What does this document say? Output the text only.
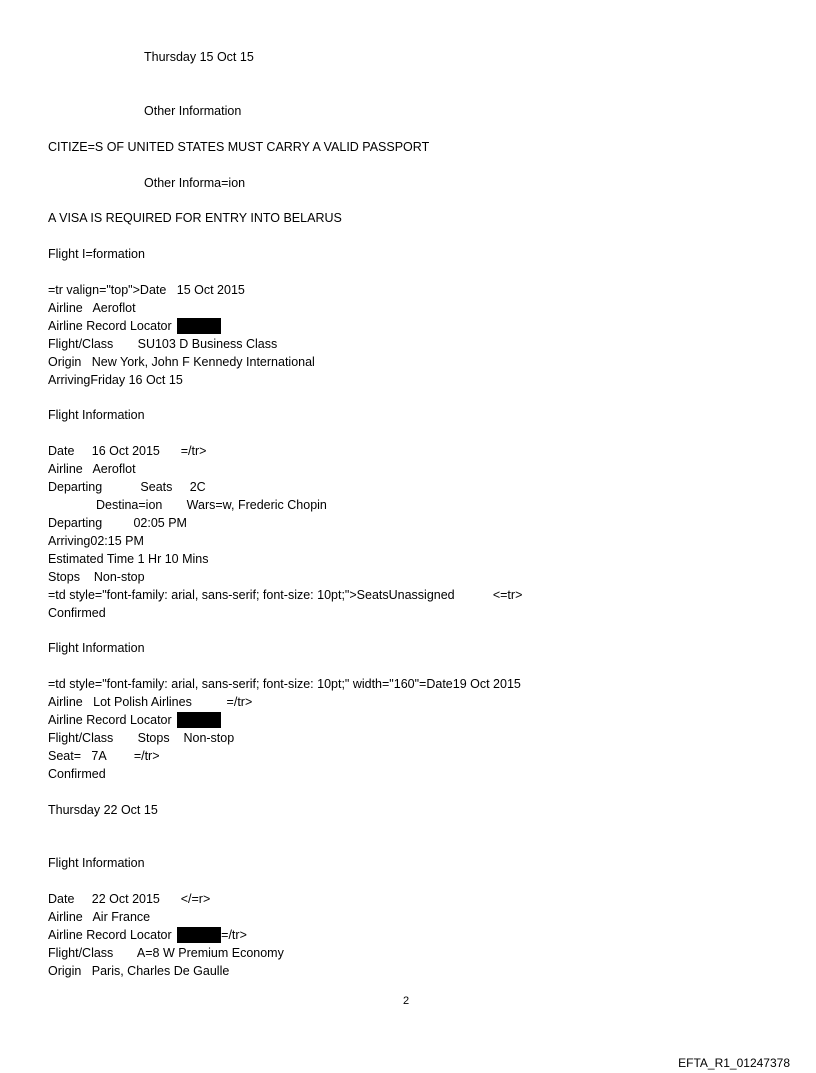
Thursday 15 Oct 15
Other Information
CITIZE=S OF UNITED STATES MUST CARRY A VALID PASSPORT
Other Informa=ion
A VISA IS REQUIRED FOR ENTRY INTO BELARUS
Flight I=formation
=tr valign="top">Date   15 Oct 2015
Airline   Aeroflot
Airline Record Locator
Flight/Class       SU103 D Business Class
Origin   New York, John F Kennedy International
ArrivingFriday 16 Oct 15
Flight Information
Date     16 Oct 2015      =/tr>
Airline   Aeroflot
Departing           Seats     2C
Destina=ion       Wars=w, Frederic Chopin
Departing         02:05 PM
Arriving02:15 PM
Estimated Time 1 Hr 10 Mins
Stops    Non-stop
=td style="font-family: arial, sans-serif; font-size: 10pt;">SeatsUnassigned           <=tr>
Confirmed
Flight Information
=td style="font-family: arial, sans-serif; font-size: 10pt;" width="160"=Date19 Oct 2015
Airline   Lot Polish Airlines          =/tr>
Airline Record Locator
Flight/Class       Stops    Non-stop
Seat=   7A        =/tr>
Confirmed
Thursday 22 Oct 15
Flight Information
Date     22 Oct 2015      </=r>
Airline   Air France
Airline Record Locator	=/tr>
Flight/Class       A=8 W Premium Economy
Origin   Paris, Charles De Gaulle
2
EFTA_R1_01247378
